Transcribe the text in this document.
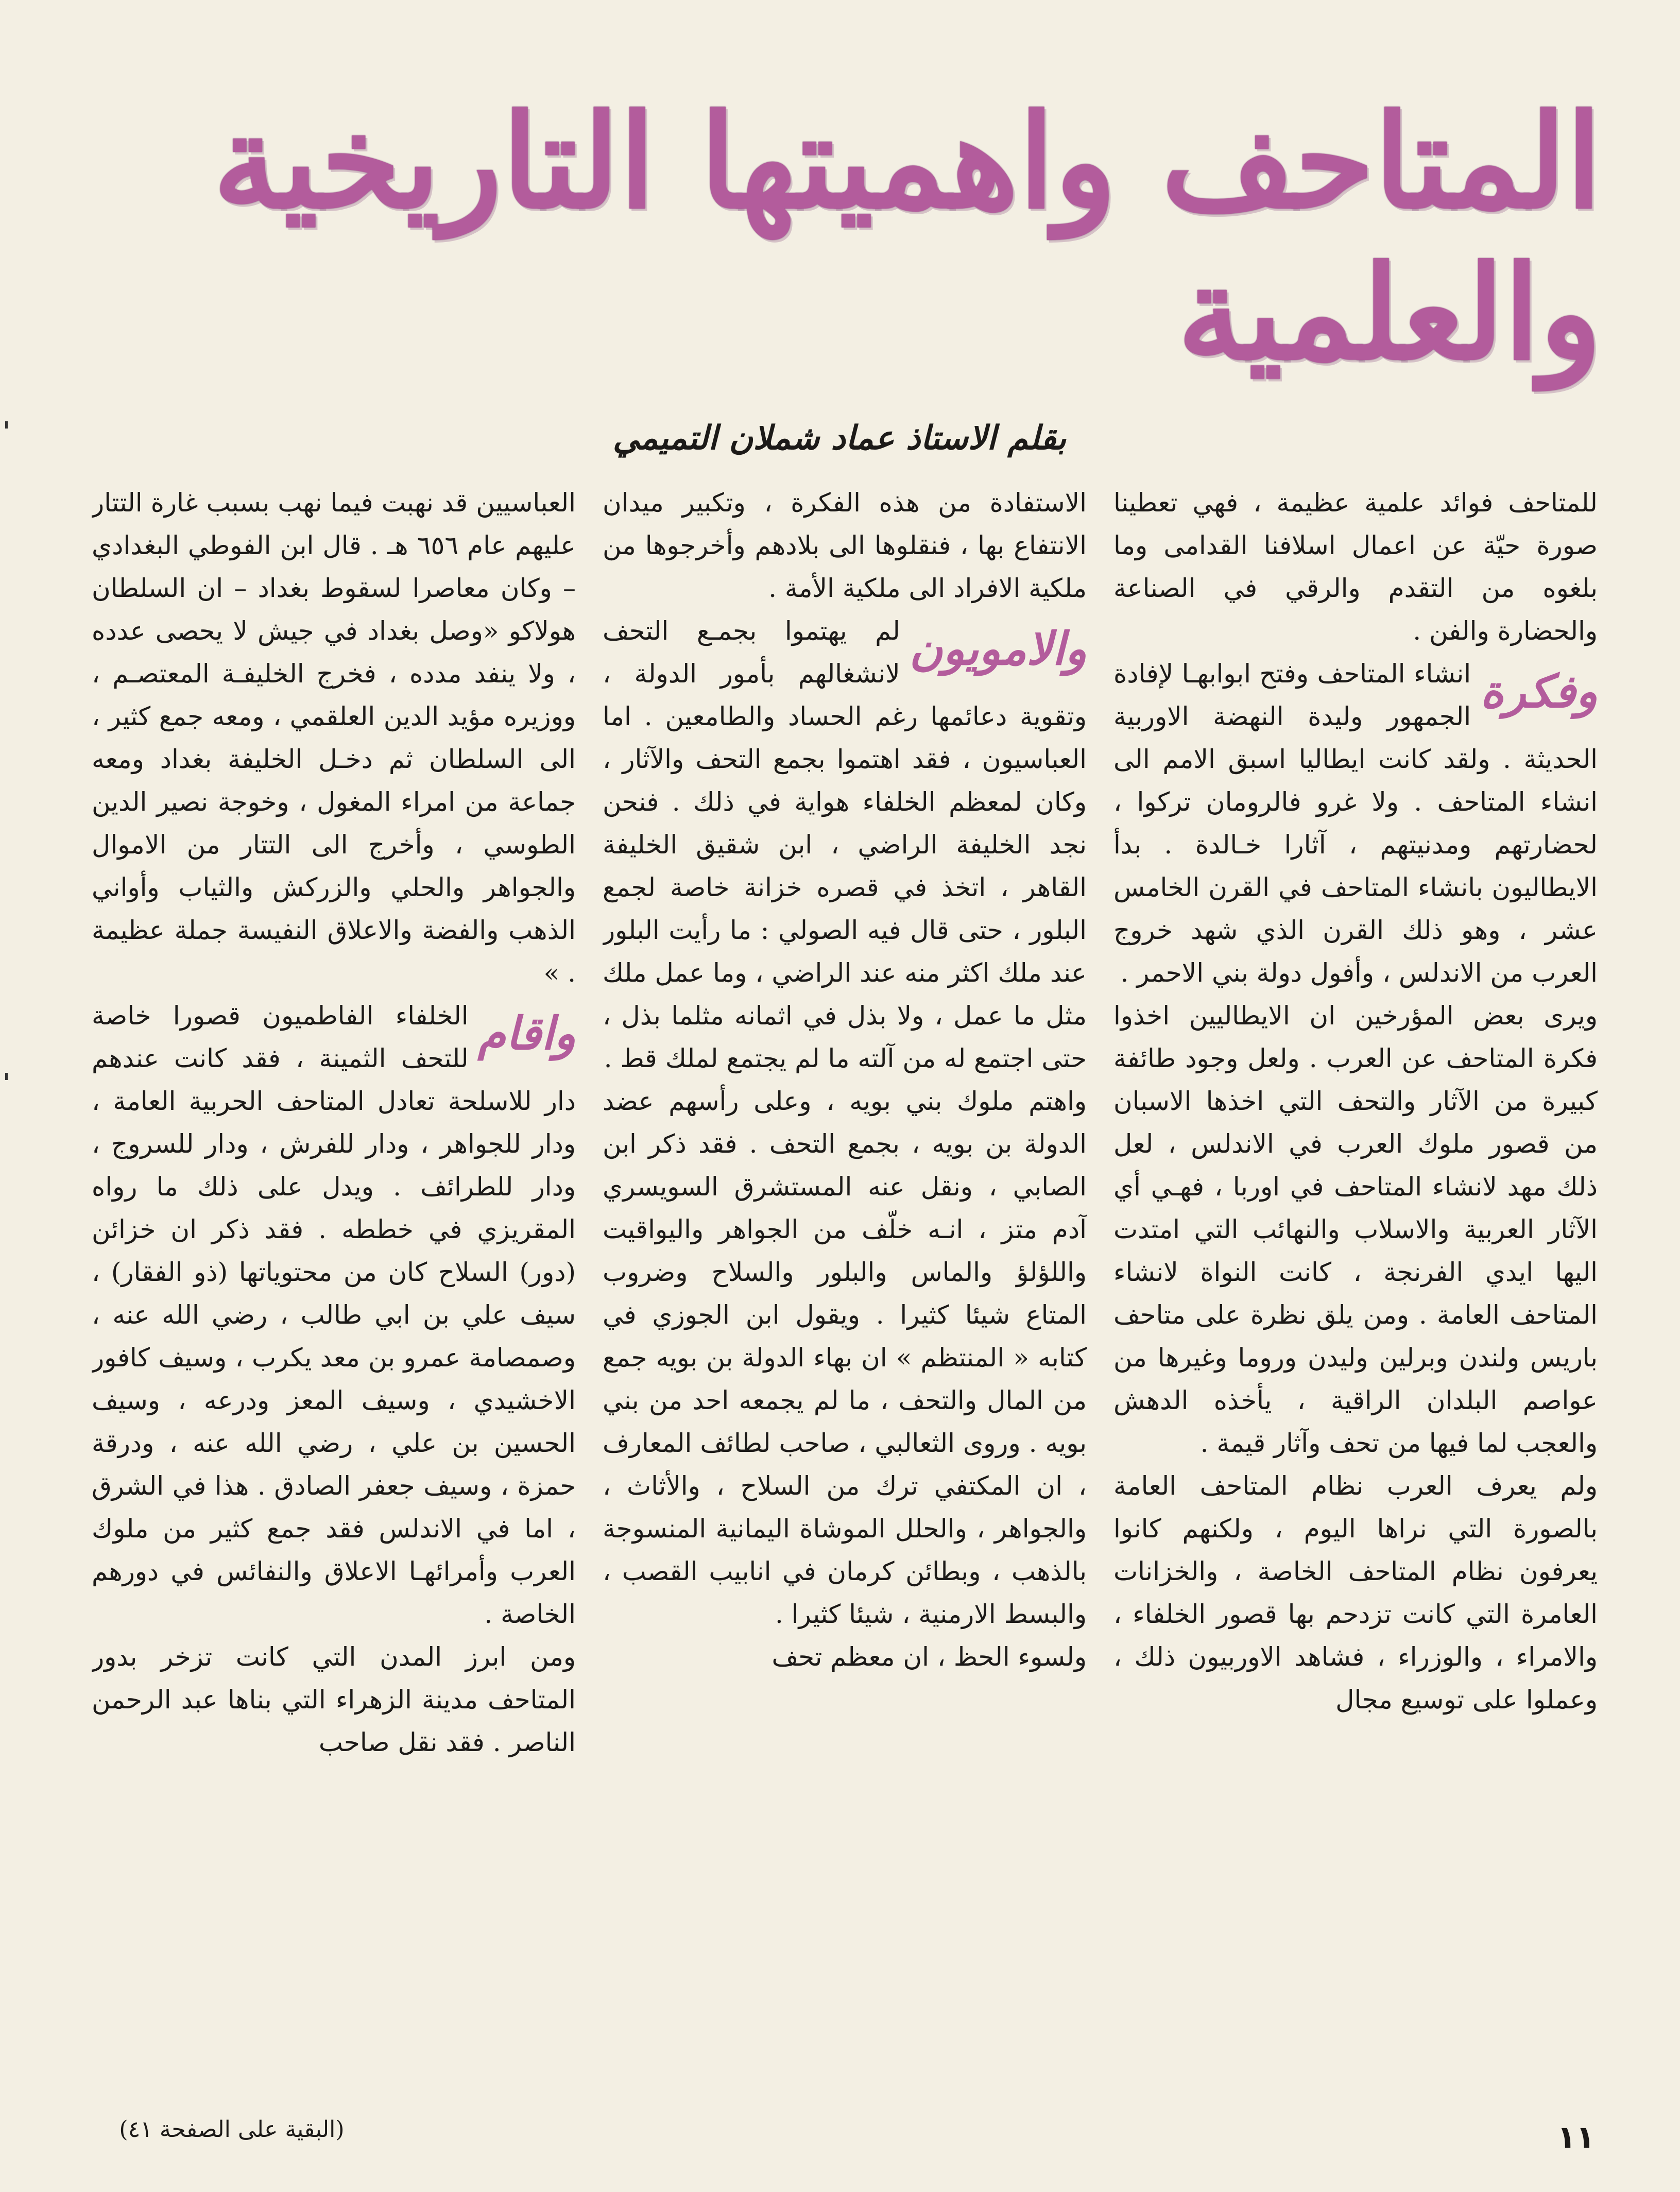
المتاحف واهميتها التاريخية والعلمية
بقلم الاستاذ عماد شملان التميمي

للمتاحف فوائد علمية عظيمة ، فهي تعطينا صورة حيّة عن اعمال اسلافنا القدامى وما بلغوه من التقدم والرقي في الصناعة والحضارة والفن .

وفكرة
انشاء المتاحف وفتح ابوابهـا لإفادة الجمهور وليدة النهضة الاوربية الحديثة . ولقد كانت ايطاليا اسبق الامم الى انشاء المتاحف . ولا غرو فالرومان تركوا ، لحضارتهم ومدنيتهم ، آثارا خـالدة . بدأ الايطاليون بانشاء المتاحف في القرن الخامس عشر ، وهو ذلك القرن الذي شهد خروج العرب من الاندلس ، وأفول دولة بني الاحمر .

ويرى بعض المؤرخين ان الايطاليين اخذوا فكرة المتاحف عن العرب . ولعل وجود طائفة كبيرة من الآثار والتحف التي اخذها الاسبان من قصور ملوك العرب في الاندلس ، لعل ذلك مهد لانشاء المتاحف في اوربا ، فهـي أي الآثار العربية والاسلاب والنهائب التي امتدت اليها ايدي الفرنجة ، كانت النواة لانشاء المتاحف العامة . ومن يلق نظرة على متاحف باريس ولندن وبرلين وليدن وروما وغيرها من عواصم البلدان الراقية ، يأخذه الدهش والعجب لما فيها من تحف وآثار قيمة .

ولم يعرف العرب نظام المتاحف العامة بالصورة التي نراها اليوم ، ولكنهم كانوا يعرفون نظام المتاحف الخاصة ، والخزانات العامرة التي كانت تزدحم بها قصور الخلفاء ، والامراء ، والوزراء ، فشاهد الاوربيون ذلك ، وعملوا على توسيع مجال

الاستفادة من هذه الفكرة ، وتكبير ميدان الانتفاع بها ، فنقلوها الى بلادهم وأخرجوها من ملكية الافراد الى ملكية الأمة .

والامويون
لم يهتموا بجمـع التحف لانشغالهم بأمور الدولة ، وتقوية دعائمها رغم الحساد والطامعين . اما العباسيون ، فقد اهتموا بجمع التحف والآثار ، وكان لمعظم الخلفاء هواية في ذلك . فنحن نجد الخليفة الراضي ، ابن شقيق الخليفة القاهر ، اتخذ في قصره خزانة خاصة لجمع البلور ، حتى قال فيه الصولي : ما رأيت البلور عند ملك اكثر منه عند الراضي ، وما عمل ملك مثل ما عمل ، ولا بذل في اثمانه مثلما بذل ، حتى اجتمع له من آلته ما لم يجتمع لملك قط .

واهتم ملوك بني بويه ، وعلى رأسهم عضد الدولة بن بويه ، بجمع التحف . فقد ذكر ابن الصابي ، ونقل عنه المستشرق السويسري آدم متز ، انـه خلّف من الجواهر واليواقيت واللؤلؤ والماس والبلور والسلاح وضروب المتاع شيئا كثيرا . ويقول ابن الجوزي في كتابه « المنتظم » ان بهاء الدولة بن بويه جمع من المال والتحف ، ما لم يجمعه احد من بني بويه . وروى الثعالبي ، صاحب لطائف المعارف ، ان المكتفي ترك من السلاح ، والأثاث ، والجواهر ، والحلل الموشاة اليمانية المنسوجة بالذهب ، وبطائن كرمان في انابيب القصب ، والبسط الارمنية ، شيئا كثيرا .

ولسوء الحظ ، ان معظم تحف

العباسيين قد نهبت فيما نهب بسبب غارة التتار عليهم عام ٦٥٦ هـ . قال ابن الفوطي البغدادي – وكان معاصرا لسقوط بغداد – ان السلطان هولاكو «وصل بغداد في جيش لا يحصى عدده ، ولا ينفد مدده ، فخرج الخليفـة المعتصـم ، ووزيره مؤيد الدين العلقمي ، ومعه جمع كثير ، الى السلطان ثم دخـل الخليفة بغداد ومعه جماعة من امراء المغول ، وخوجة نصير الدين الطوسي ، وأخرج الى التتار من الاموال والجواهر والحلي والزركش والثياب وأواني الذهب والفضة والاعلاق النفيسة جملة عظيمة . »

واقام
الخلفاء الفاطميون قصورا خاصة للتحف الثمينة ، فقد كانت عندهم دار للاسلحة تعادل المتاحف الحربية العامة ، ودار للجواهر ، ودار للفرش ، ودار للسروج ، ودار للطرائف . ويدل على ذلك ما رواه المقريزي في خططه . فقد ذكر ان خزائن (دور) السلاح كان من محتوياتها (ذو الفقار) ، سيف علي بن ابي طالب ، رضي الله عنه ، وصمصامة عمرو بن معد يكرب ، وسيف كافور الاخشيدي ، وسيف المعز ودرعه ، وسيف الحسين بن علي ، رضي الله عنه ، ودرقة حمزة ، وسيف جعفر الصادق . هذا في الشرق ، اما في الاندلس فقد جمع كثير من ملوك العرب وأمرائهـا الاعلاق والنفائس في دورهم الخاصة .

ومن ابرز المدن التي كانت تزخر بدور المتاحف مدينة الزهراء التي بناها عبد الرحمن الناصر . فقد نقل صاحب

(البقية على الصفحة ٤١)	١١
